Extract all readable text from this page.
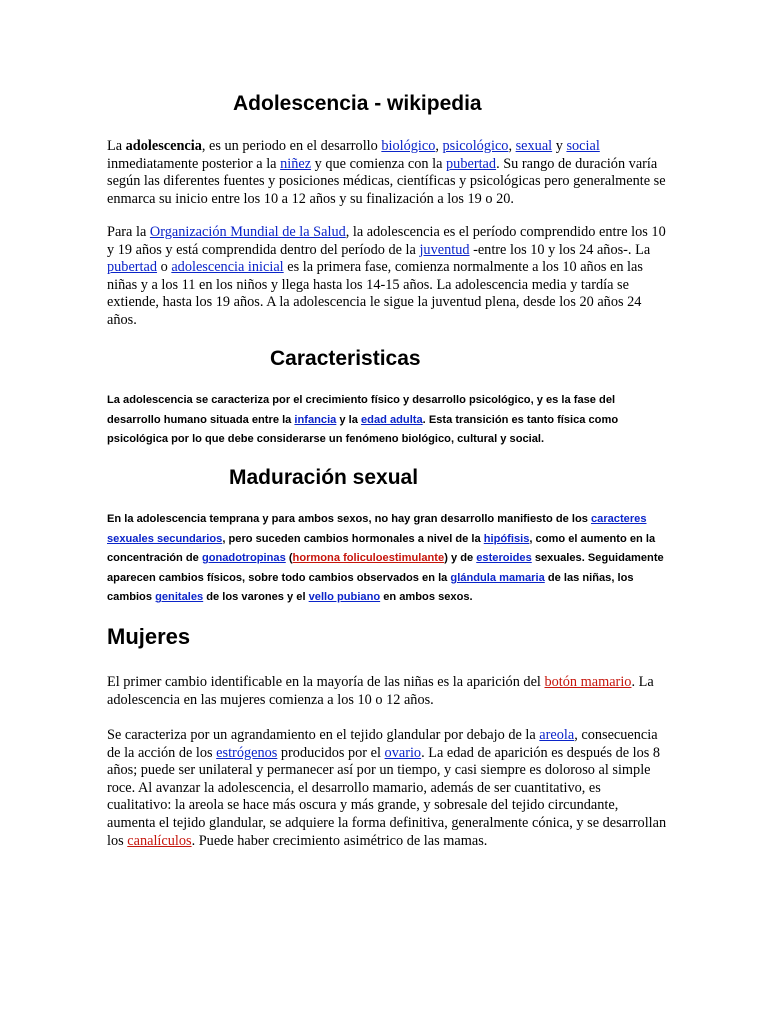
Adolescencia - wikipedia

La adolescencia, es un periodo en el desarrollo biológico, psicológico, sexual y social inmediatamente posterior a la niñez y que comienza con la pubertad. Su rango de duración varía según las diferentes fuentes y posiciones médicas, científicas y psicológicas pero generalmente se enmarca su inicio entre los 10 a 12 años y su finalización a los 19 o 20.

Para la Organización Mundial de la Salud, la adolescencia es el período comprendido entre los 10 y 19 años y está comprendida dentro del período de la juventud -entre los 10 y los 24 años-. La pubertad o adolescencia inicial es la primera fase, comienza normalmente a los 10 años en las niñas y a los 11 en los niños y llega hasta los 14-15 años. La adolescencia media y tardía se extiende, hasta los 19 años. A la adolescencia le sigue la juventud plena, desde los 20 años 24 años.

Caracteristicas

La adolescencia se caracteriza por el crecimiento físico y desarrollo psicológico, y es la fase del desarrollo humano situada entre la infancia y la edad adulta. Esta transición es tanto física como psicológica por lo que debe considerarse un fenómeno biológico, cultural y social.

Maduración sexual

En la adolescencia temprana y para ambos sexos, no hay gran desarrollo manifiesto de los caracteres sexuales secundarios, pero suceden cambios hormonales a nivel de la hipófisis, como el aumento en la concentración de gonadotropinas (hormona foliculoestimulante) y de esteroides sexuales. Seguidamente aparecen cambios físicos, sobre todo cambios observados en la glándula mamaria de las niñas, los cambios genitales de los varones y el vello pubiano en ambos sexos.

Mujeres

El primer cambio identificable en la mayoría de las niñas es la aparición del botón mamario. La adolescencia en las mujeres comienza a los 10 o 12 años.

Se caracteriza por un agrandamiento en el tejido glandular por debajo de la areola, consecuencia de la acción de los estrógenos producidos por el ovario. La edad de aparición es después de los 8 años; puede ser unilateral y permanecer así por un tiempo, y casi siempre es doloroso al simple roce. Al avanzar la adolescencia, el desarrollo mamario, además de ser cuantitativo, es cualitativo: la areola se hace más oscura y más grande, y sobresale del tejido circundante, aumenta el tejido glandular, se adquiere la forma definitiva, generalmente cónica, y se desarrollan los canalículos. Puede haber crecimiento asimétrico de las mamas.
